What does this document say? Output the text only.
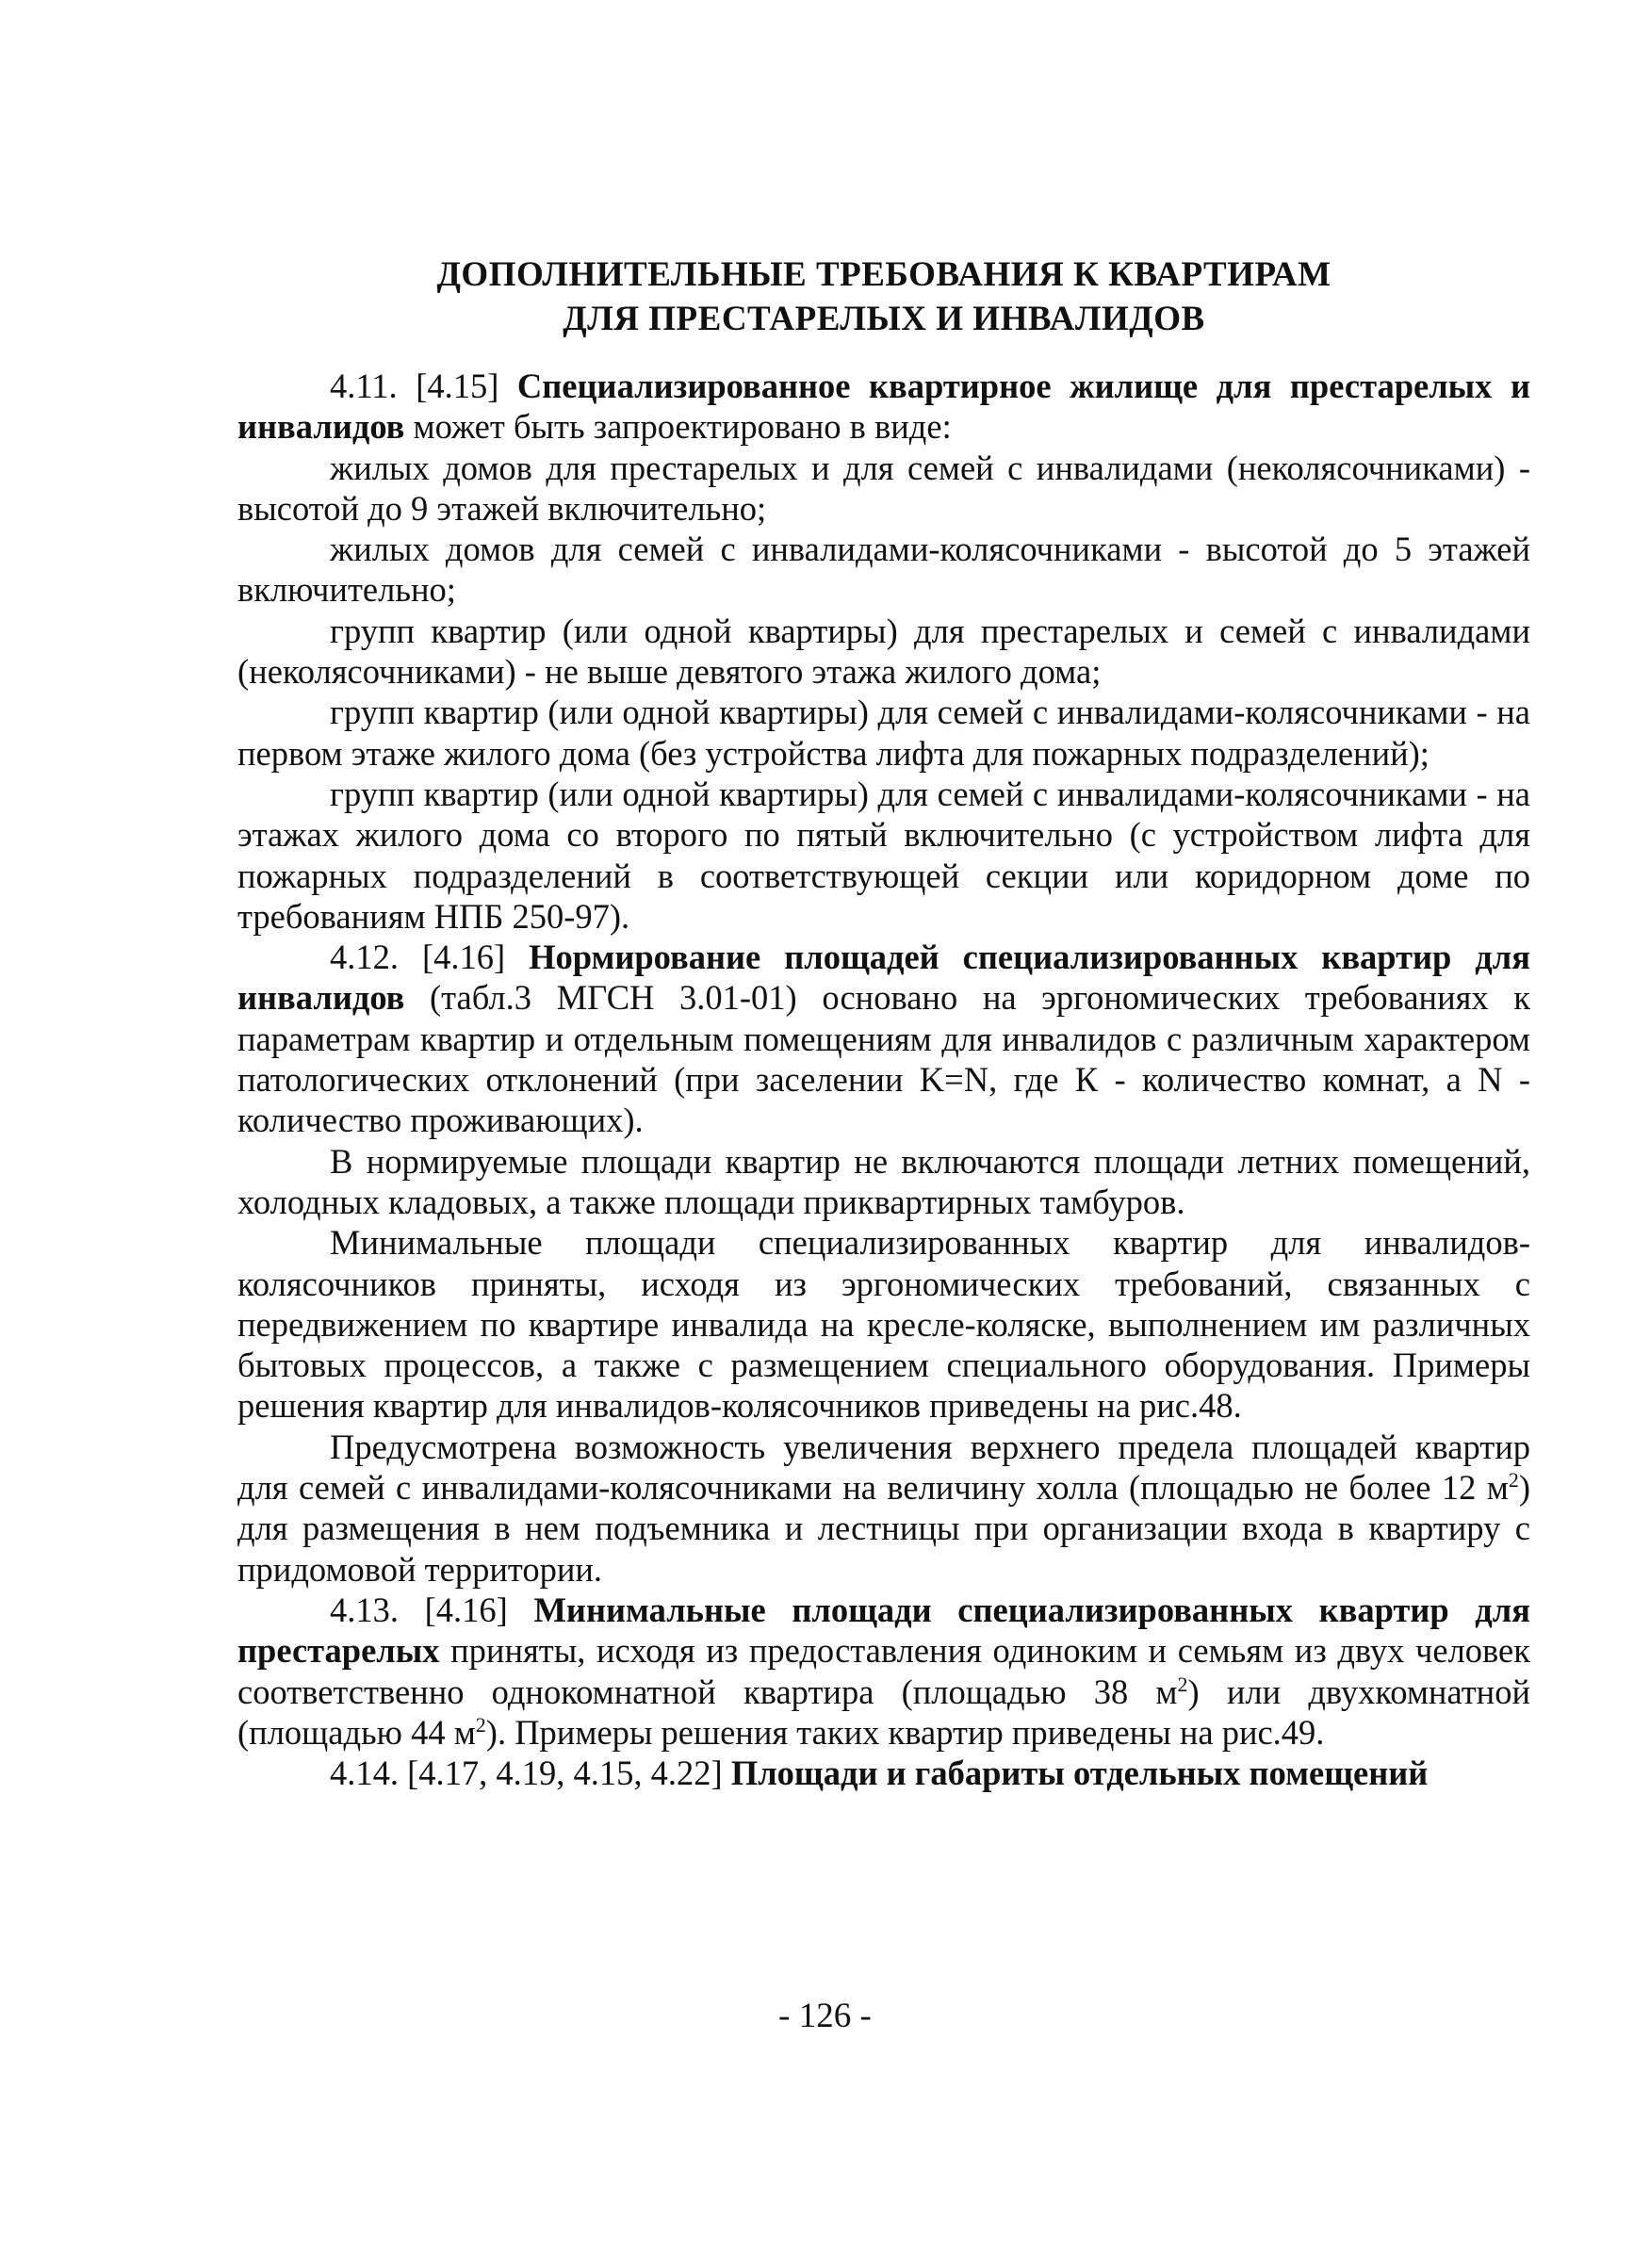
ДОПОЛНИТЕЛЬНЫЕ ТРЕБОВАНИЯ К КВАРТИРАМ
ДЛЯ ПРЕСТАРЕЛЫХ И ИНВАЛИДОВ

4.11. [4.15] Специализированное квартирное жилище для престарелых и инвалидов может быть запроектировано в виде:

жилых домов для престарелых и для семей с инвалидами (неколясочниками) - высотой до 9 этажей включительно;

жилых домов для семей с инвалидами-колясочниками - высотой до 5 этажей включительно;

групп квартир (или одной квартиры) для престарелых и семей с инвалидами (неколясочниками) - не выше девятого этажа жилого дома;

групп квартир (или одной квартиры) для семей с инвалидами-колясочниками - на первом этаже жилого дома (без устройства лифта для пожарных подразделений);

групп квартир (или одной квартиры) для семей с инвалидами-колясочниками - на этажах жилого дома со второго по пятый включительно (с устройством лифта для пожарных подразделений в соответствующей секции или коридорном доме по требованиям НПБ 250-97).

4.12. [4.16] Нормирование площадей специализированных квартир для инвалидов (табл.3 МГСН 3.01-01) основано на эргономических требованиях к параметрам квартир и отдельным помещениям для инвалидов с различным характером патологических отклонений (при заселении K=N, где К - количество комнат, а N - количество проживающих).

В нормируемые площади квартир не включаются площади летних помещений, холодных кладовых, а также площади приквартирных тамбуров.

Минимальные площади специализированных квартир для инвалидов-колясочников приняты, исходя из эргономических требований, связанных с передвижением по квартире инвалида на кресле-коляске, выполнением им различных бытовых процессов, а также с размещением специального оборудования. Примеры решения квартир для инвалидов-колясочников приведены на рис.48.

Предусмотрена возможность увеличения верхнего предела площадей квартир для семей с инвалидами-колясочниками на величину холла (площадью не более 12 $м^2$) для размещения в нем подъемника и лестницы при организации входа в квартиру с придомовой территории.

4.13. [4.16] Минимальные площади специализированных квартир для престарелых приняты, исходя из предоставления одиноким и семьям из двух человек соответственно однокомнатной квартира (площадью 38 $м^2$) или двухкомнатной (площадью 44 $м^2$). Примеры решения таких квартир приведены на рис.49.

4.14. [4.17, 4.19, 4.15, 4.22] Площади и габариты отдельных помещений

- 126 -
